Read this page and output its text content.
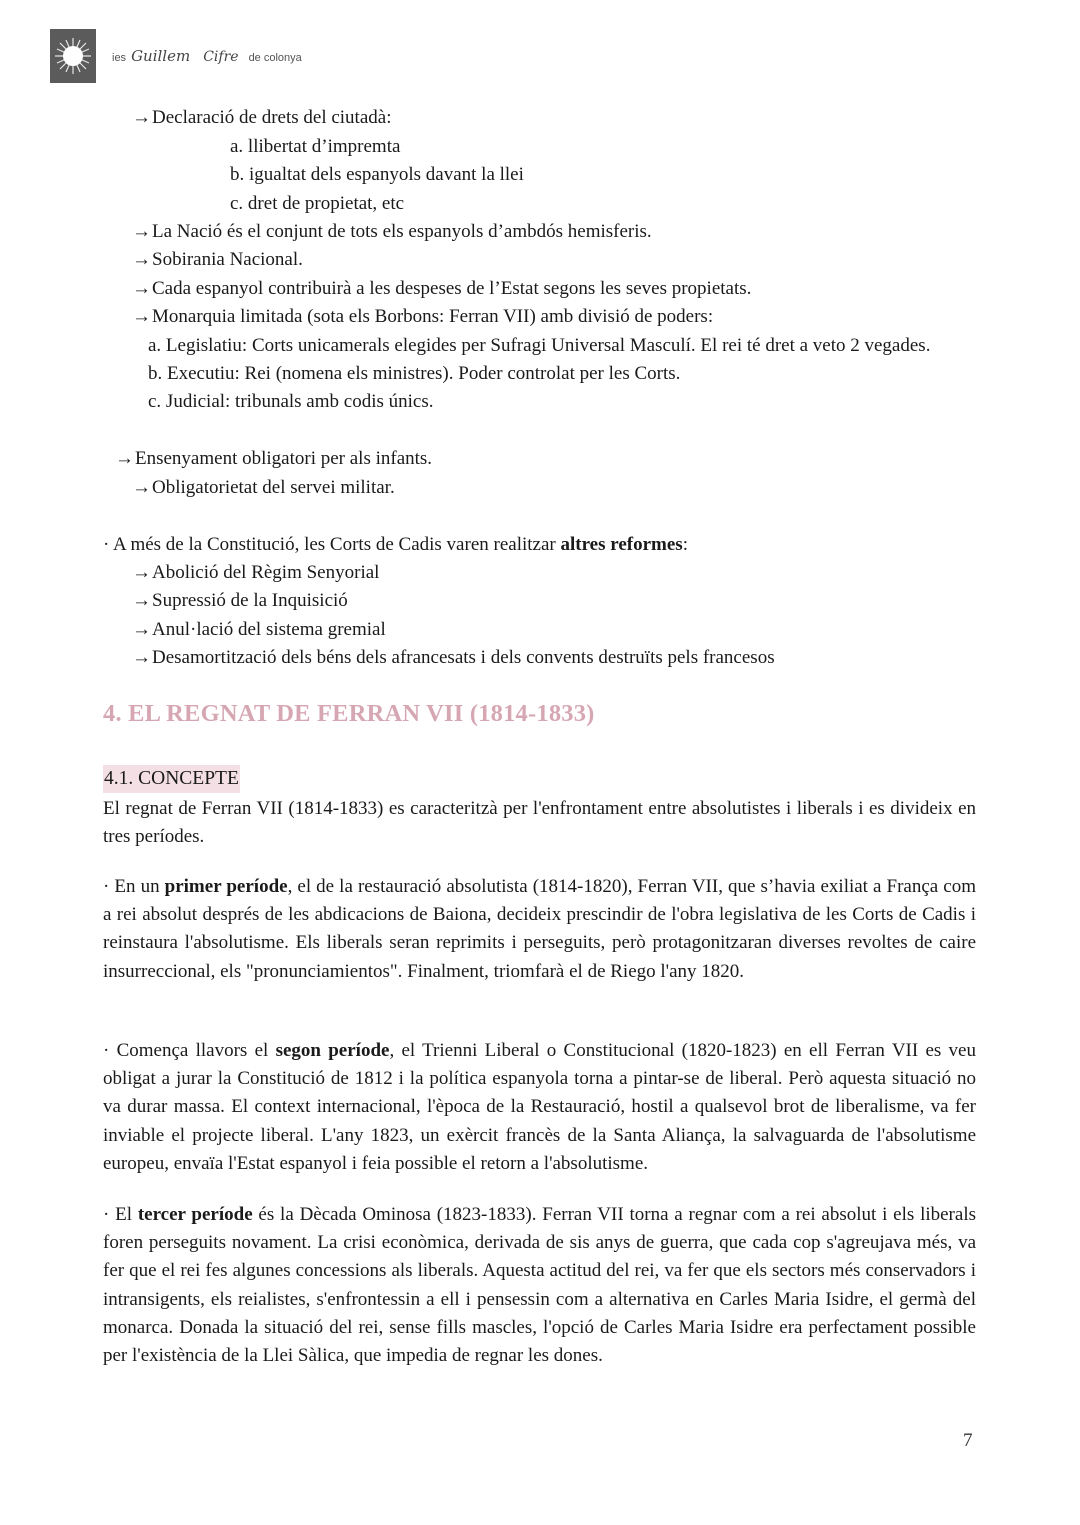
ies Guillem Cifre de colonya
→Declaració de drets del ciutadà:
a. llibertat d’impremta
b. igualtat dels espanyols davant la llei
c. dret de propietat, etc
→La Nació és el conjunt de tots els espanyols d’ambdós hemisferis.
→Sobirania Nacional.
→Cada espanyol contribuirà a les despeses de l’Estat segons les seves propietats.
→Monarquia limitada (sota els Borbons: Ferran VII) amb divisió de poders:
a. Legislatiu: Corts unicamerals elegides per Sufragi Universal Masculí. El rei té dret a veto 2 vegades.
b. Executiu: Rei (nomena els ministres). Poder controlat per les Corts.
c. Judicial: tribunals amb codis únics.
→Ensenyament obligatori per als infants.
→Obligatorietat del servei militar.
· A més de la Constitució, les Corts de Cadis varen realitzar altres reformes:
→Abolició del Règim Senyorial
→Supressió de la Inquisició
→Anul·lació del sistema gremial
→Desamortització dels béns dels afrancesats i dels convents destruïts pels francesos
4. EL REGNAT DE FERRAN VII (1814-1833)
4.1. CONCEPTE
El regnat de Ferran VII (1814-1833) es caracteritzà per l'enfrontament entre absolutistes i liberals i es divideix en tres períodes.
· En un primer període, el de la restauració absolutista (1814-1820), Ferran VII, que s’havia exiliat a França com a rei absolut després de les abdicacions de Baiona, decideix prescindir de l'obra legislativa de les Corts de Cadis i reinstaura l'absolutisme. Els liberals seran reprimits i perseguits, però protagonitzaran diverses revoltes de caire insurreccional, els "pronunciamientos". Finalment, triomfarà el de Riego l'any 1820.
· Comença llavors el segon període, el Trienni Liberal o Constitucional (1820-1823) en ell Ferran VII es veu obligat a jurar la Constitució de 1812 i la política espanyola torna a pintar-se de liberal. Però aquesta situació no va durar massa. El context internacional, l'època de la Restauració, hostil a qualsevol brot de liberalisme, va fer inviable el projecte liberal. L'any 1823, un exèrcit francès de la Santa Aliança, la salvaguarda de l'absolutisme europeu, envaïa l'Estat espanyol i feia possible el retorn a l'absolutisme.
· El tercer període és la Dècada Ominosa (1823-1833). Ferran VII torna a regnar com a rei absolut i els liberals foren perseguits novament. La crisi econòmica, derivada de sis anys de guerra, que cada cop s'agreujava més, va fer que el rei fes algunes concessions als liberals. Aquesta actitud del rei, va fer que els sectors més conservadors i intransigents, els reialistes, s'enfrontessin a ell i pensessin com a alternativa en Carles Maria Isidre, el germà del monarca. Donada la situació del rei, sense fills mascles, l'opció de Carles Maria Isidre era perfectament possible per l'existència de la Llei Sàlica, que impedia de regnar les dones.
7
